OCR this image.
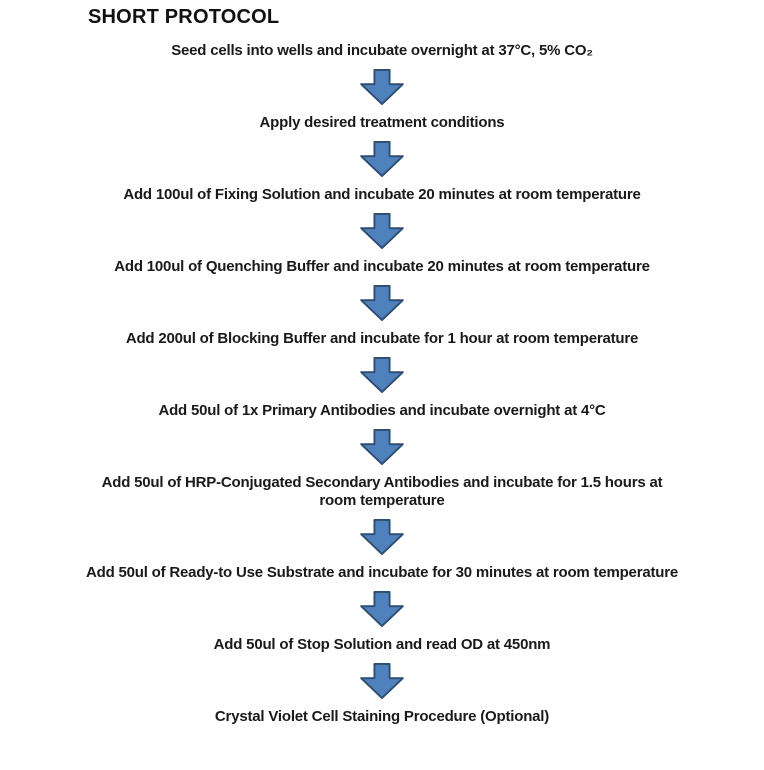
SHORT PROTOCOL
Seed cells into wells and incubate overnight at 37°C, 5% CO₂
Apply desired treatment conditions
Add 100ul of Fixing Solution and incubate 20 minutes at room temperature
Add 100ul of Quenching Buffer and incubate 20 minutes at room temperature
Add 200ul of Blocking Buffer and incubate for 1 hour at room temperature
Add 50ul of 1x Primary Antibodies and incubate overnight at 4°C
Add 50ul of HRP-Conjugated Secondary Antibodies and incubate for 1.5 hours at room temperature
Add 50ul of Ready-to Use Substrate and incubate for 30 minutes at room temperature
Add 50ul of Stop Solution and read OD at 450nm
Crystal Violet Cell Staining Procedure (Optional)
